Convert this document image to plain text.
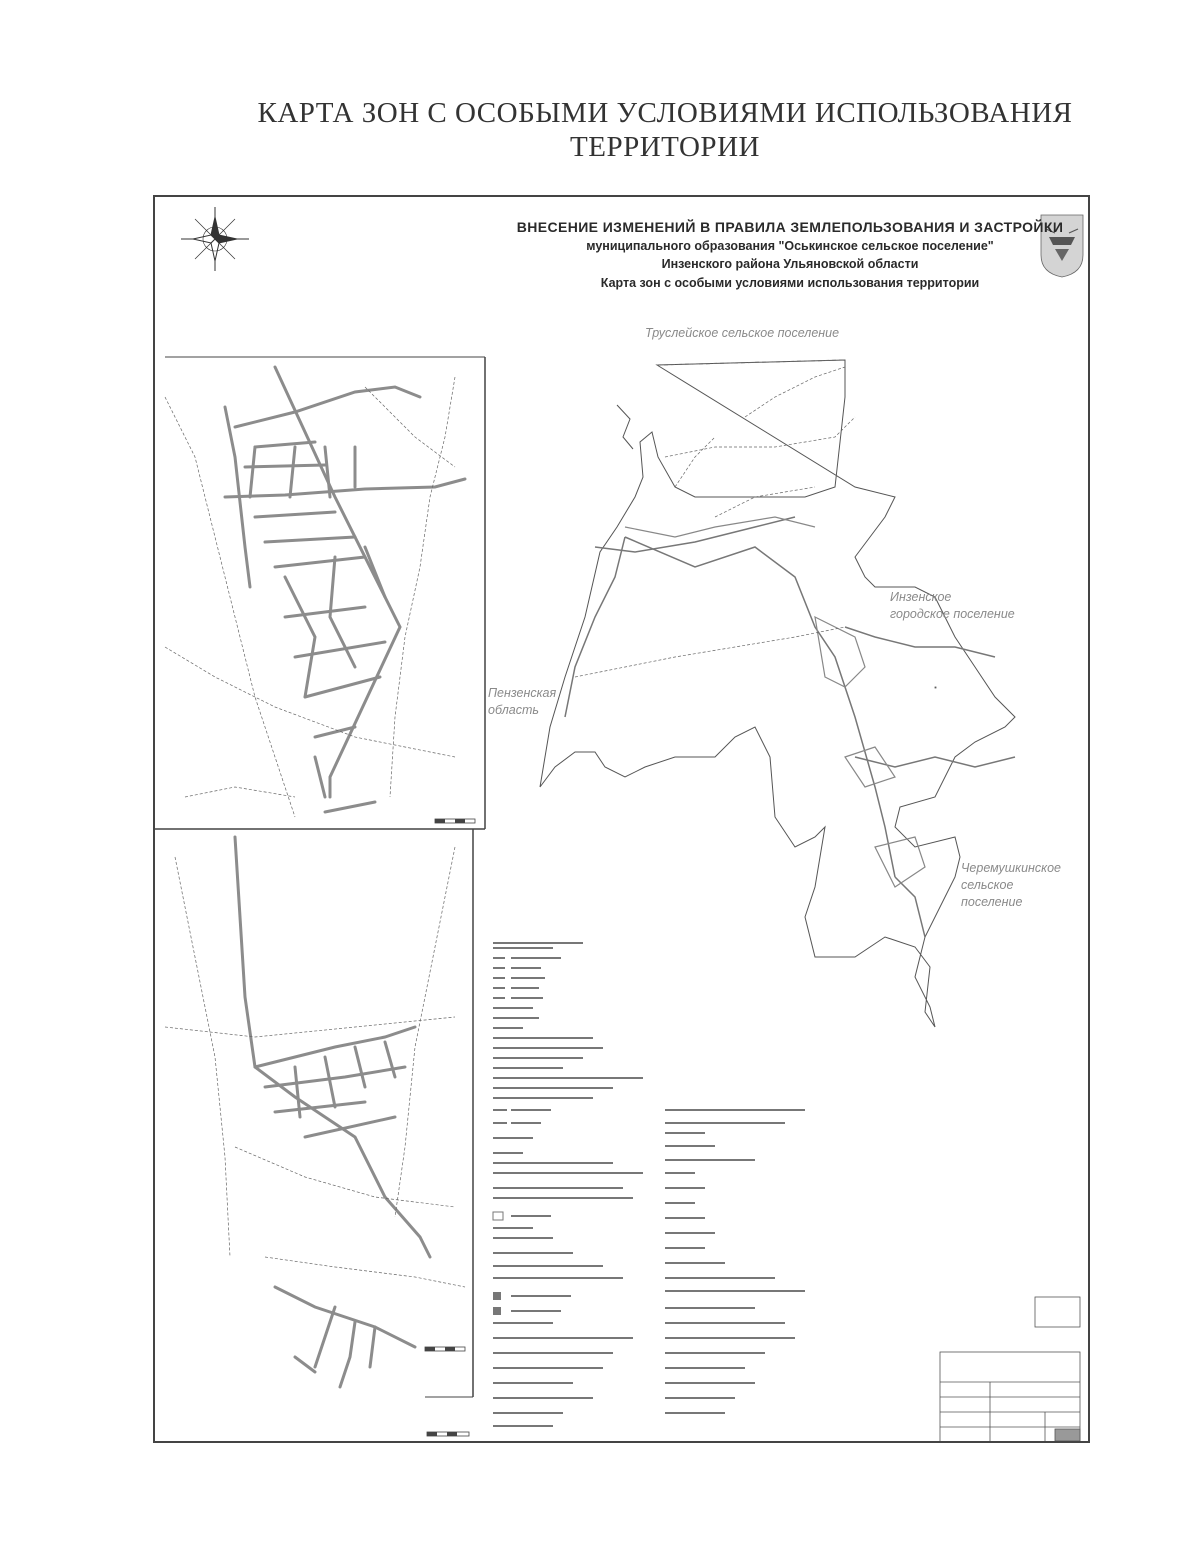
КАРТА ЗОН С ОСОБЫМИ УСЛОВИЯМИ ИСПОЛЬЗОВАНИЯ
ТЕРРИТОРИИ
ВНЕСЕНИЕ ИЗМЕНЕНИЙ В ПРАВИЛА ЗЕМЛЕПОЛЬЗОВАНИЯ И ЗАСТРОЙКИ
муниципального образования "Оськинское сельское поселение"
Инзенского района Ульяновской области
Карта зон с особыми условиями использования территории
Труслейское сельское поселение
Пензенская
область
Инзенское
городское поселение
Черемушкинское
сельское
поселение
